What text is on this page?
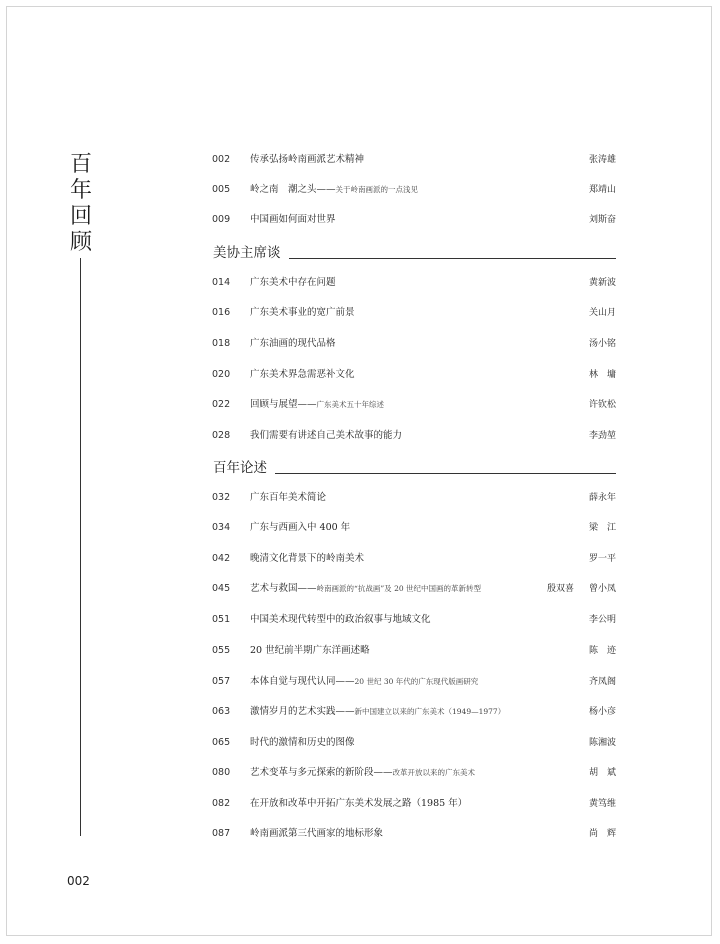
百
年
回
顾
002	传承弘扬岭南画派艺术精神	张涛雄
005	岭之南　潮之头——关于岭南画派的一点浅见	郑靖山
009	中国画如何面对世界	刘斯奋
美协主席谈
014	广东美术中存在问题	黄新波
016	广东美术事业的宽广前景	关山月
018	广东油画的现代品格	汤小铭
020	广东美术界急需恶补文化	林　墉
022	回顾与展望——广东美术五十年综述	许钦松
028	我们需要有讲述自己美术故事的能力	李劲堃
百年论述
032	广东百年美术简论	薛永年
034	广东与西画入中 400 年	梁　江
042	晚清文化背景下的岭南美术	罗一平
045	艺术与救国——岭南画派的“抗战画”及 20 世纪中国画的革新转型	殷双喜 曾小凤
051	中国美术现代转型中的政治叙事与地域文化	李公明
055	20 世纪前半期广东洋画述略	陈　迹
057	本体自觉与现代认同——20 世纪 30 年代的广东现代版画研究	齐凤阁
063	激情岁月的艺术实践——新中国建立以来的广东美术（1949—1977）	杨小彦
065	时代的激情和历史的图像	陈湘波
080	艺术变革与多元探索的新阶段——改革开放以来的广东美术	胡　斌
082	在开放和改革中开拓广东美术发展之路（1985 年）	黄笃维
087	岭南画派第三代画家的地标形象	尚　辉
002
